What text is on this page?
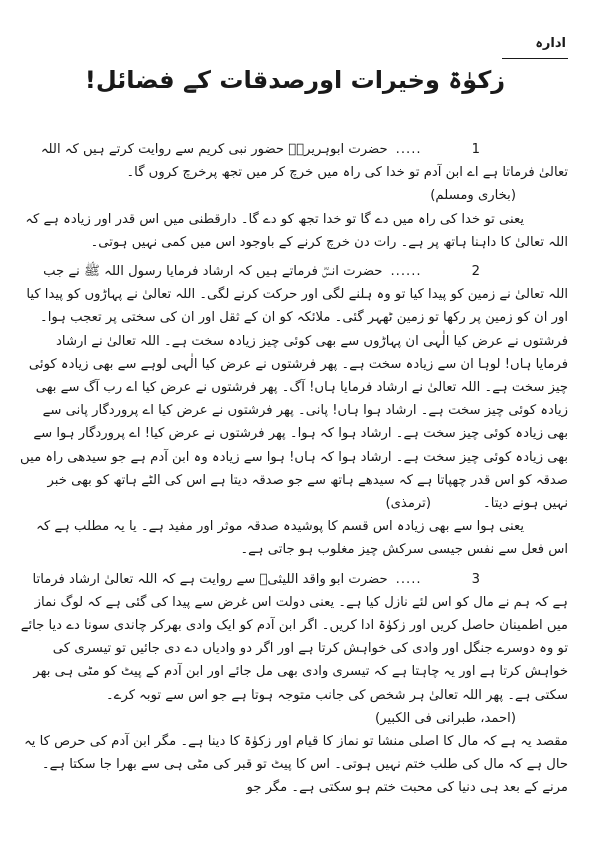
ادارہ
زکوٰۃ وخیرات اورصدقات کے فضائل!

1.....حضرت ابوہریرہؓ حضور نبی کریم سے روایت کرتے ہیں کہ اللہ تعالیٰ فرماتا ہے اے ابن آدم تو خدا کی راہ میں خرچ کر میں تجھ پرخرچ کروں گا۔(بخاری ومسلم)

یعنی تو خدا کی راہ میں دے گا تو خدا تجھ کو دے گا۔ دارقطنی میں اس قدر اور زیادہ ہے کہ اللہ تعالیٰ کا داہنا ہاتھ پر ہے۔ رات دن خرچ کرنے کے باوجود اس میں کمی نہیں ہوتی۔

2......حضرت انسؓ فرماتے ہیں کہ ارشاد فرمایا رسول اللہ ﷺ نے جب اللہ تعالیٰ نے زمین کو پیدا کیا تو وہ ہلنے لگی اور حرکت کرنے لگی۔ اللہ تعالیٰ نے پہاڑوں کو پیدا کیا اور ان کو زمین پر رکھا تو زمین ٹھہر گئی۔ ملائکہ کو ان کے ثقل اور ان کی سختی پر تعجب ہوا۔ فرشتوں نے عرض کیا الٰہی ان پہاڑوں سے بھی کوئی چیز زیادہ سخت ہے۔ اللہ تعالیٰ نے ارشاد فرمایا ہاں! لوہا ان سے زیادہ سخت ہے۔ پھر فرشتوں نے عرض کیا الٰہی لوہے سے بھی زیادہ کوئی چیز سخت ہے۔ اللہ تعالیٰ نے ارشاد فرمایا ہاں! آگ۔ پھر فرشتوں نے عرض کیا اے رب آگ سے بھی زیادہ کوئی چیز سخت ہے۔ ارشاد ہوا ہاں! پانی۔ پھر فرشتوں نے عرض کیا اے پروردگار پانی سے بھی زیادہ کوئی چیز سخت ہے۔ ارشاد ہوا کہ ہوا۔ پھر فرشتوں نے عرض کیا! اے پروردگار ہوا سے بھی زیادہ کوئی چیز سخت ہے۔ ارشاد ہوا کہ ہاں! ہوا سے زیادہ وہ ابن آدم ہے جو سیدھی راہ میں صدقہ کو اس قدر چھپاتا ہے کہ سیدھے ہاتھ سے جو صدقہ دیتا ہے اس کی الٹے ہاتھ کو بھی خبر نہیں ہونے دیتا۔(ترمذی)

یعنی ہوا سے بھی زیادہ اس قسم کا پوشیدہ صدقہ موثر اور مفید ہے۔ یا یہ مطلب ہے کہ اس فعل سے نفس جیسی سرکش چیز مغلوب ہو جاتی ہے۔

3.....حضرت ابو واقد اللیثیؓ سے روایت ہے کہ اللہ تعالیٰ ارشاد فرماتا ہے کہ ہم نے مال کو اس لئے نازل کیا ہے۔ یعنی دولت اس غرض سے پیدا کی گئی ہے کہ لوگ نماز میں اطمینان حاصل کریں اور زکوٰۃ ادا کریں۔ اگر ابن آدم کو ایک وادی بھرکر چاندی سونا دے دیا جائے تو وہ دوسرے جنگل اور وادی کی خواہش کرتا ہے اور اگر دو وادیاں دے دی جائیں تو تیسری کی خواہش کرتا ہے اور یہ چاہتا ہے کہ تیسری وادی بھی مل جائے اور ابن آدم کے پیٹ کو مٹی ہی بھر سکتی ہے۔ پھر اللہ تعالیٰ ہر شخص کی جانب متوجہ ہوتا ہے جو اس سے توبہ کرے۔(احمد، طبرانی فی الکبیر)

مقصد یہ ہے کہ مال کا اصلی منشا تو نماز کا قیام اور زکوٰۃ کا دینا ہے۔ مگر ابن آدم کی حرص کا یہ حال ہے کہ مال کی طلب ختم نہیں ہوتی۔ اس کا پیٹ تو قبر کی مٹی ہی سے بھرا جا سکتا ہے۔ مرنے کے بعد ہی دنیا کی محبت ختم ہو سکتی ہے۔ مگر جو
